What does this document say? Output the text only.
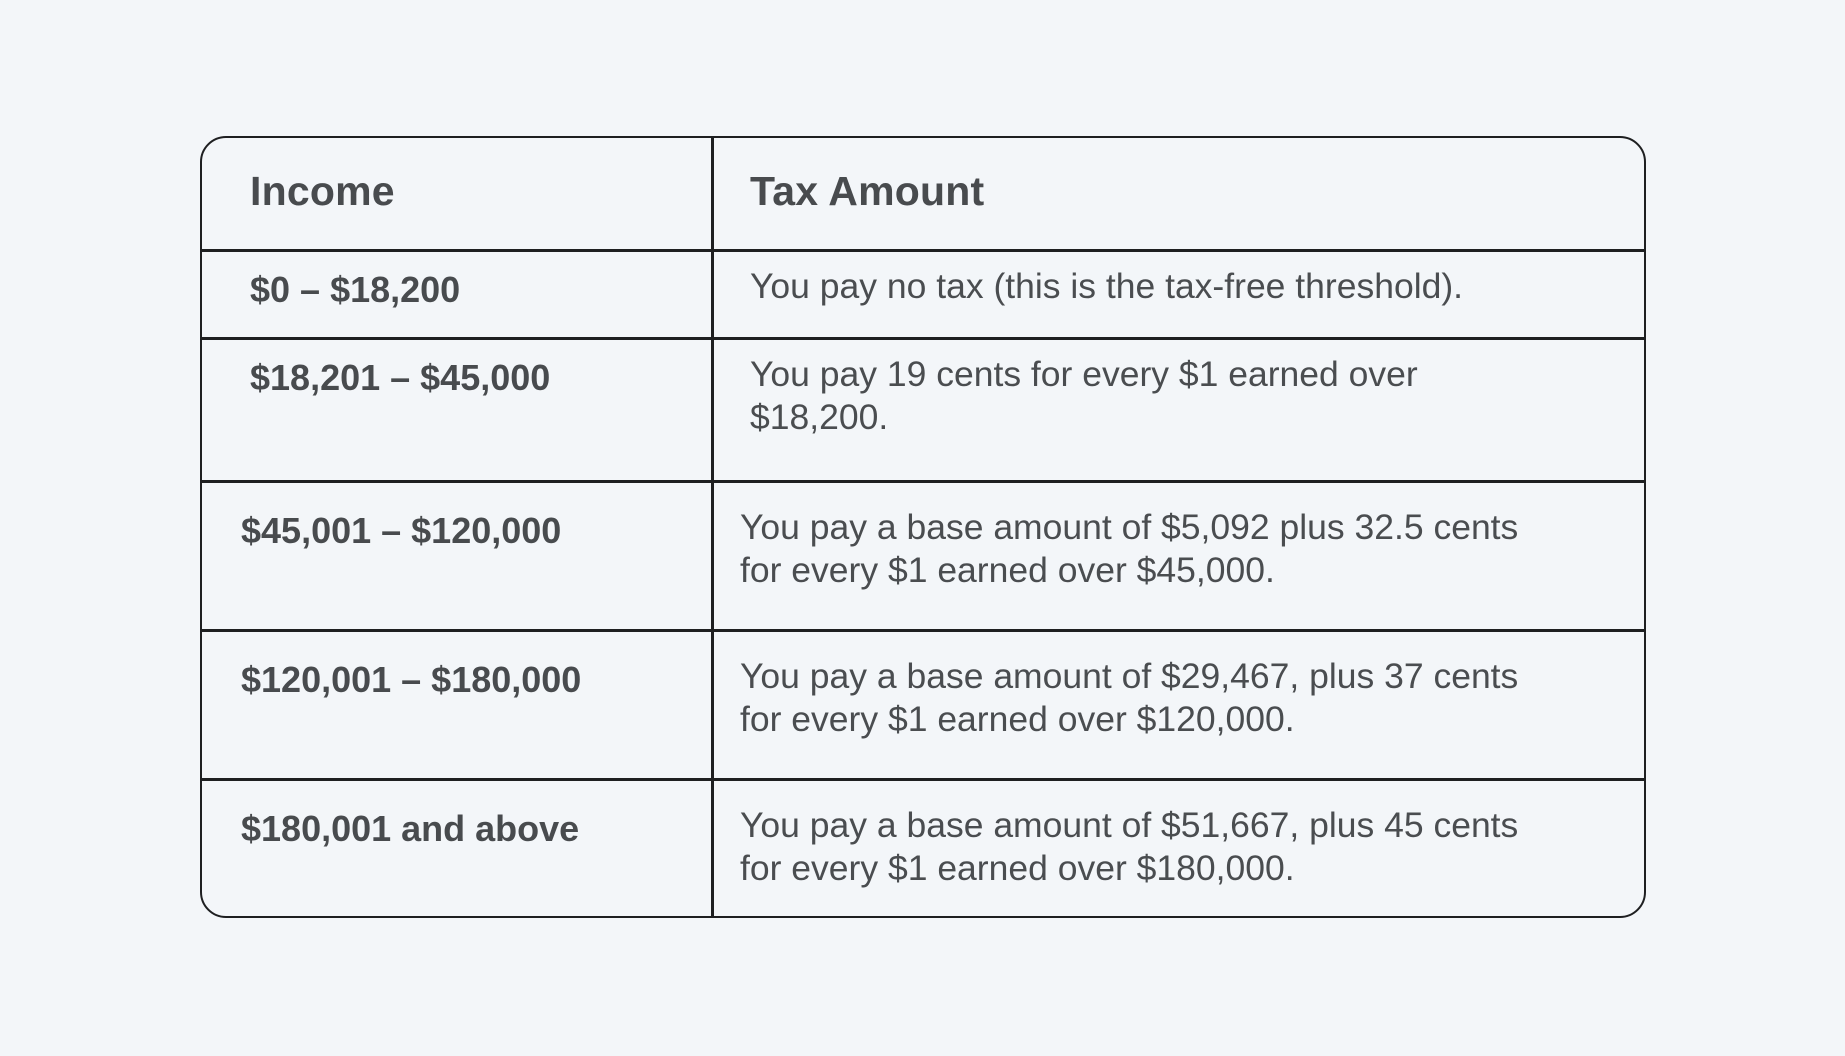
Income	Tax Amount
$0 – $18,200	You pay no tax (this is the tax-free threshold).
$18,201 – $45,000	You pay 19 cents for every $1 earned over
$18,200.
$45,001 – $120,000	You pay a base amount of $5,092 plus 32.5 cents
for every $1 earned over $45,000.
$120,001 – $180,000	You pay a base amount of $29,467, plus 37 cents
for every $1 earned over $120,000.
$180,001 and above	You pay a base amount of $51,667, plus 45 cents
for every $1 earned over $180,000.
